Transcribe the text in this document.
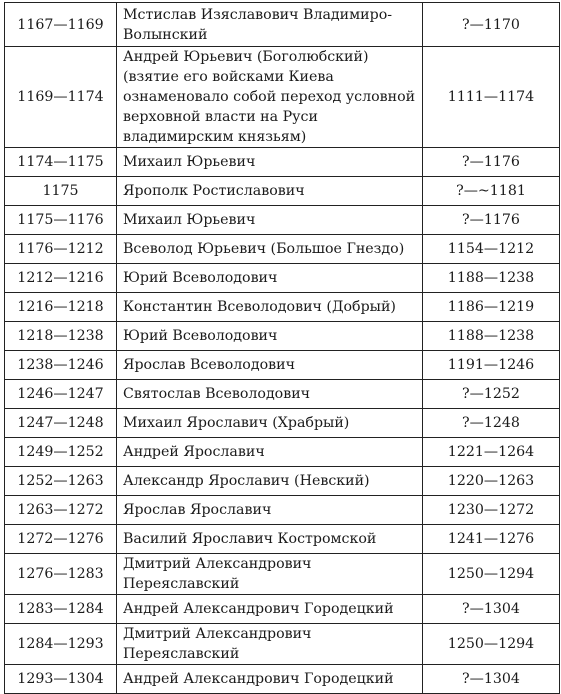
1167—1169	Мстислав Изяславович Владимиро-Волынский	?—1170
1169—1174	Андрей Юрьевич (Боголюбский) (взятие его войсками Киева ознаменовало собой переход условной верховной власти на Руси владимирским князьям)	1111—1174
1174—1175	Михаил Юрьевич	?—1176
1175	Ярополк Ростиславович	?—~1181
1175—1176	Михаил Юрьевич	?—1176
1176—1212	Всеволод Юрьевич (Большое Гнездо)	1154—1212
1212—1216	Юрий Всеволодович	1188—1238
1216—1218	Константин Всеволодович (Добрый)	1186—1219
1218—1238	Юрий Всеволодович	1188—1238
1238—1246	Ярослав Всеволодович	1191—1246
1246—1247	Святослав Всеволодович	?—1252
1247—1248	Михаил Ярославич (Храбрый)	?—1248
1249—1252	Андрей Ярославич	1221—1264
1252—1263	Александр Ярославич (Невский)	1220—1263
1263—1272	Ярослав Ярославич	1230—1272
1272—1276	Василий Ярославич Костромской	1241—1276
1276—1283	Дмитрий Александрович Переяславский	1250—1294
1283—1284	Андрей Александрович Городецкий	?—1304
1284—1293	Дмитрий Александрович Переяславский	1250—1294
1293—1304	Андрей Александрович Городецкий	?—1304
